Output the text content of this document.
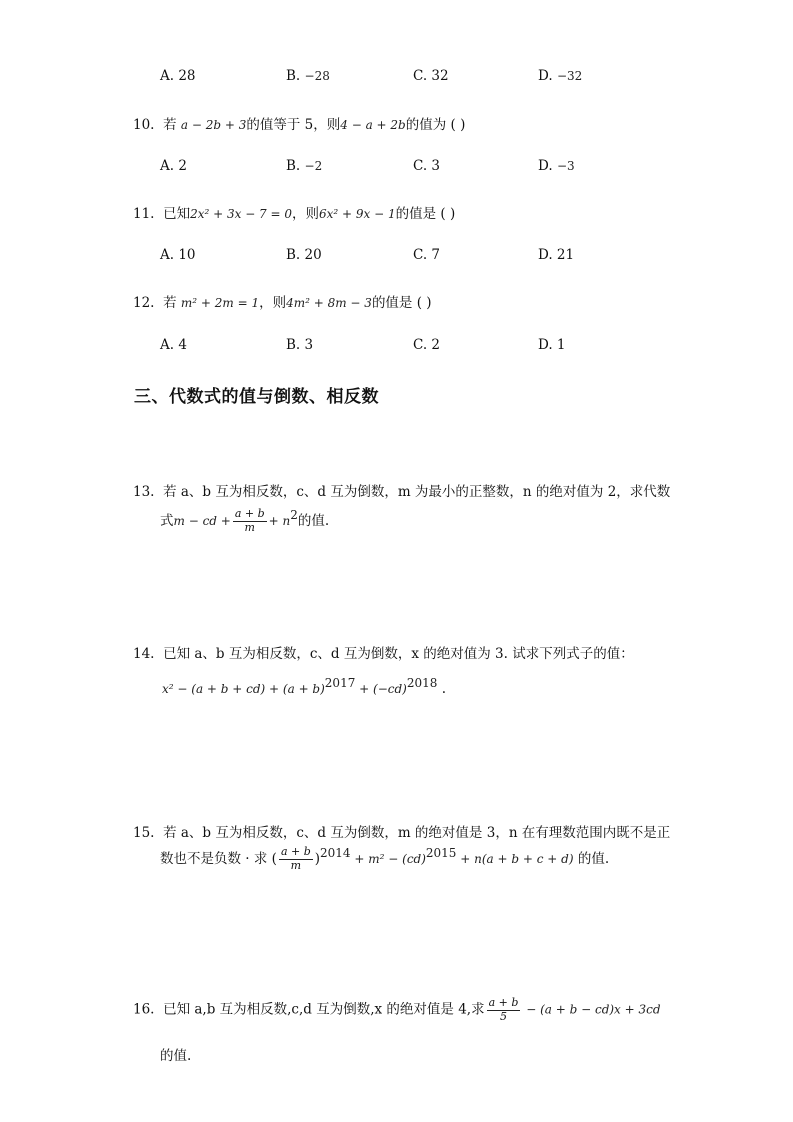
A. 28	B. −28	C. 32	D. −32
10. 若 a − 2b + 3的值等于 5，则4 − a + 2b的值为 ( )
A. 2	B. −2	C. 3	D. −3
11. 已知2x² + 3x − 7 = 0，则6x² + 9x − 1的值是 ( )
A. 10	B. 20	C. 7	D. 21
12. 若 m² + 2m = 1，则4m² + 8m − 3的值是 ( )
A. 4	B. 3	C. 2	D. 1
三、代数式的值与倒数、相反数
13. 若 a、b 互为相反数，c、d 互为倒数，m 为最小的正整数，n 的绝对值为 2，求代数
式m − cd + $\frac{a + b}{m} + n^2$的值.
14. 已知 a、b 互为相反数，c、d 互为倒数，x 的绝对值为 3. 试求下列式子的值：
$x^2 - (a + b + cd) + (a + b)^{2017} + (-cd)^{2018}$ .
15. 若 a、b 互为相反数，c、d 互为倒数，m 的绝对值是 3，n 在有理数范围内既不是正
数也不是负数 · 求 ( $\frac{a + b}{m} )^{2014} + m^2 - (cd)^{2015} + n(a + b + c + d)$ 的值.
16. 已知 a,b 互为相反数,c,d 互为倒数,x 的绝对值是 4,求 $\frac{a + b}{5} - (a + b - cd)x + 3cd$
的值.
